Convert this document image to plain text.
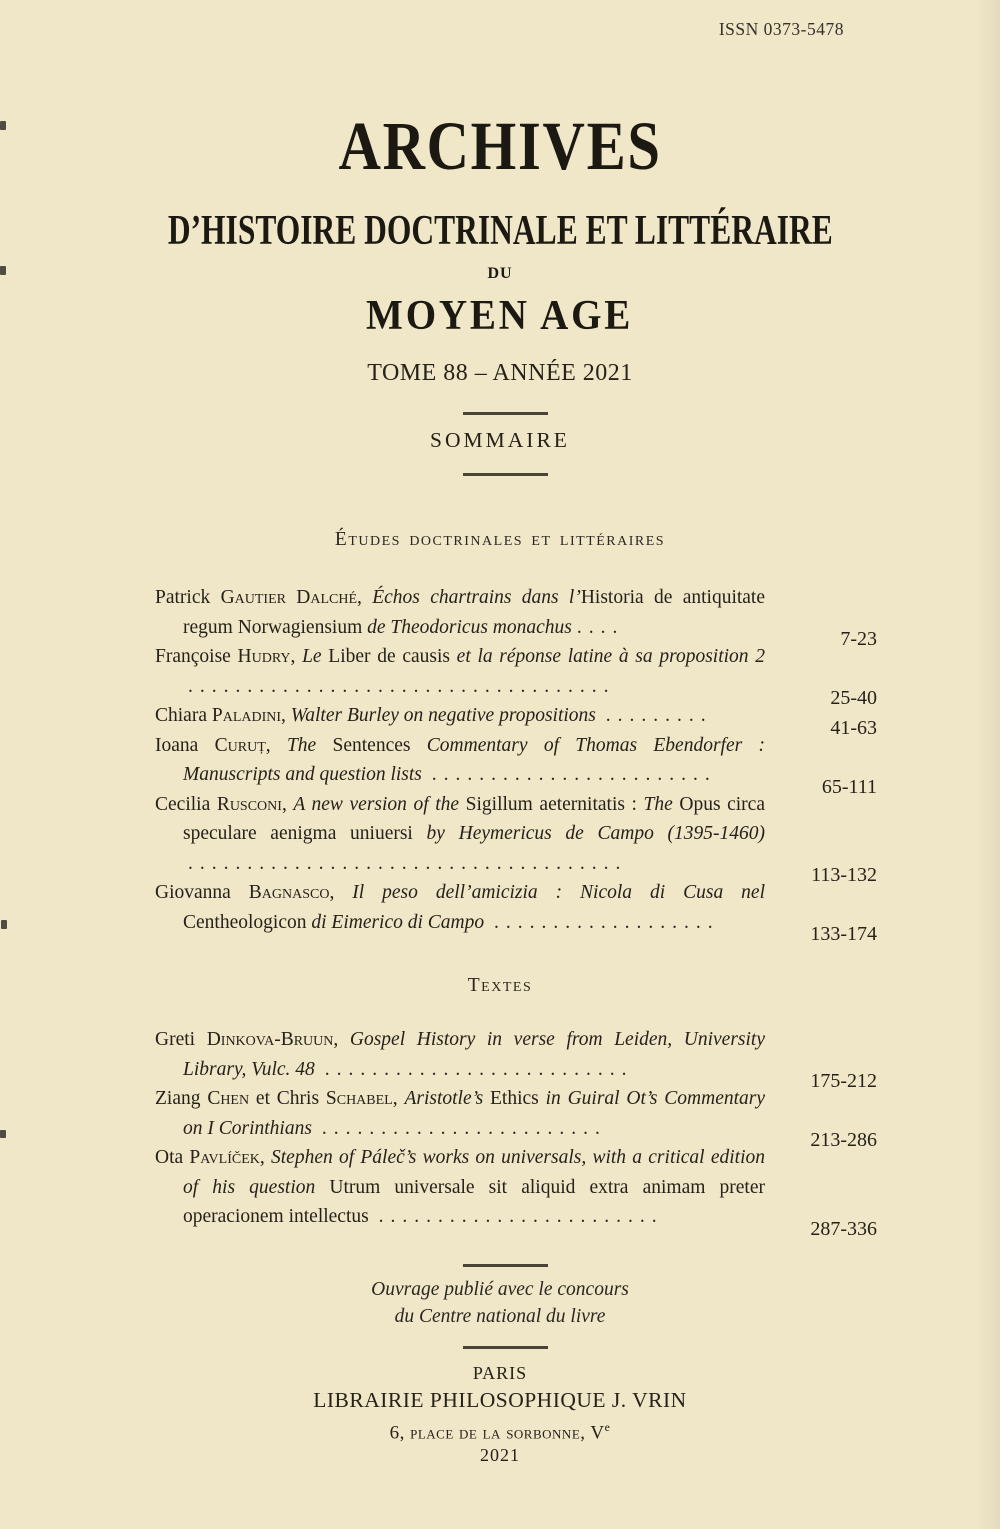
ISSN 0373-5478
ARCHIVES
D’HISTOIRE DOCTRINALE ET LITTÉRAIRE
DU
MOYEN AGE
TOME 88 – ANNÉE 2021
SOMMAIRE
Études doctrinales et littéraires

Patrick Gautier Dalché, Échos chartrains dans l’Historia de antiquitate regum Norwagiensium de Theodoricus monachus ....
7-23

Françoise Hudry, Le Liber de causis et la réponse latine à sa proposition 2 ....................................
25-40

Chiara Paladini, Walter Burley on negative propositions .........
41-63

Ioana Curuț, The Sentences Commentary of Thomas Ebendorfer : Manuscripts and question lists ........................
65-111

Cecilia Rusconi, A new version of the Sigillum aeternitatis : The Opus circa speculare aenigma uniuersi by Heymericus de Campo (1395-1460) .....................................
113-132

Giovanna Bagnasco, Il peso dell’amicizia : Nicola di Cusa nel Centheologicon di Eimerico di Campo ...................
133-174

Textes

Greti Dinkova-Bruun, Gospel History in verse from Leiden, University Library, Vulc. 48 ..........................
175-212

Ziang Chen et Chris Schabel, Aristotle’s Ethics in Guiral Ot’s Commentary on I Corinthians ........................
213-286

Ota Pavlíček, Stephen of Páleč’s works on universals, with a critical edition of his question Utrum universale sit aliquid extra animam preter operacionem intellectus ........................
287-336

Ouvrage publié avec le concours
du Centre national du livre
PARIS
LIBRAIRIE PHILOSOPHIQUE J. VRIN
6, place de la sorbonne, Ve
2021
